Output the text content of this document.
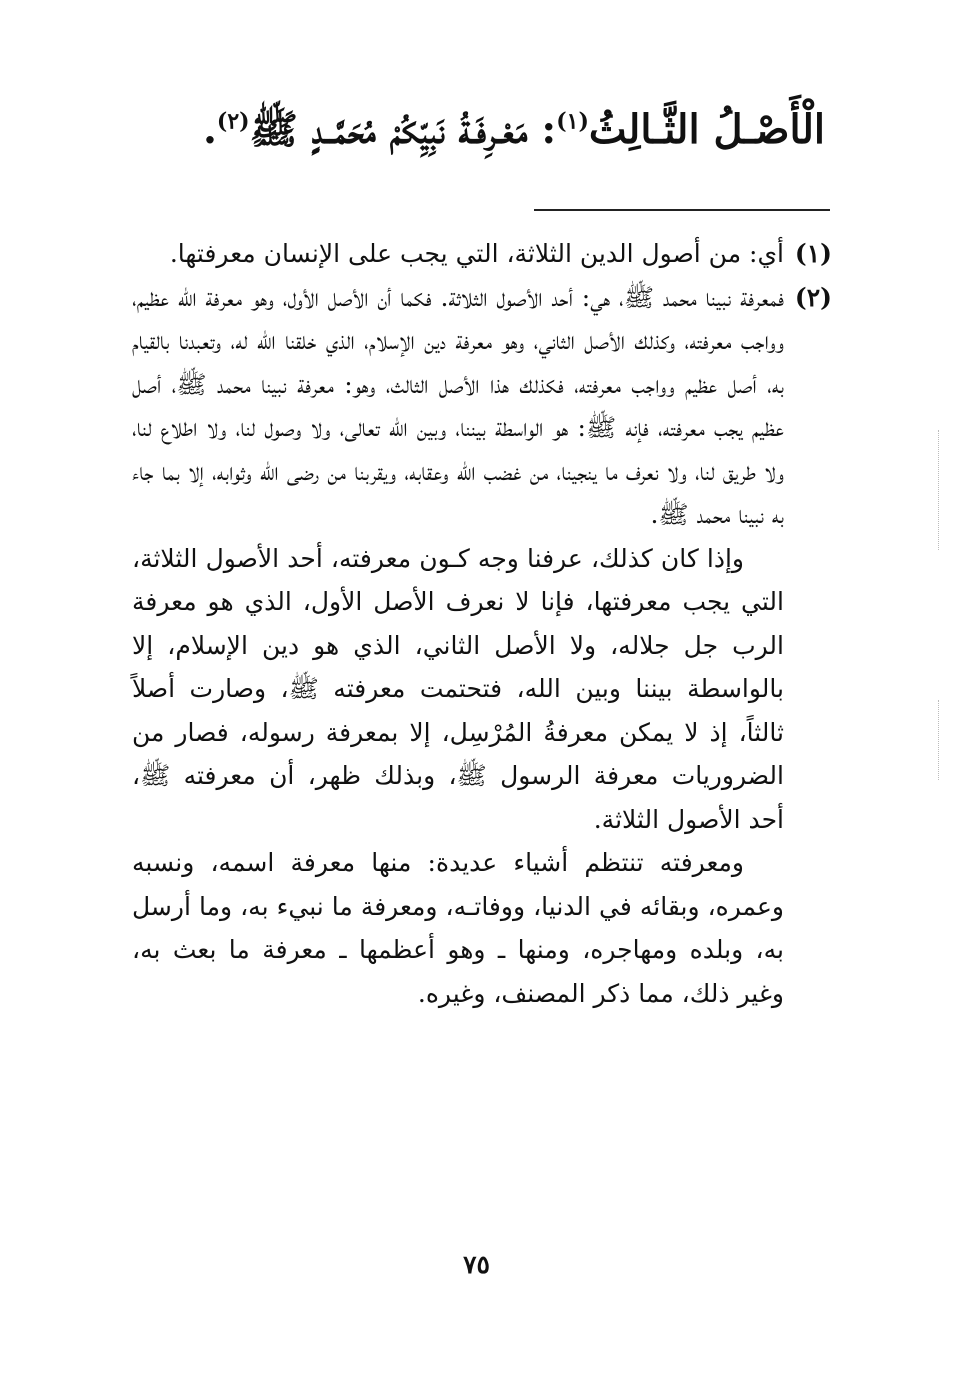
الْأَصْـلُ الثَّـالِثُ$^{(١)}$: مَعْـرِفَـةُ نَبِيِّكُمْ مُحَمَّــدٍ ﷺ$^{(٢)}$.
(١)

أي: من أصول الدين الثلاثة، التي يجب على الإنسان معرفتها.

(٢)

فمعرفة نبينا محمد ﷺ، هي: أحد الأصول الثلاثة. فكما أن الأصل الأول، وهو معرفة الله عظيم، وواجب معرفته، وكذلك الأصل الثاني، وهو معرفة دين الإسلام، الذي خلقنا الله له، وتعبدنا بالقيام به، أصل عظيم وواجب معرفته، فكذلك هذا الأصل الثالث، وهو: معرفة نبينا محمد ﷺ، أصل عظيم يجب معرفته، فإنه ﷺ: هو الواسطة بيننا، وبين الله تعالى، ولا وصول لنا، ولا اطلاع لنا، ولا طريق لنا، ولا نعرف ما ينجينا، من غضب الله وعقابه، ويقربنا من رضى الله وثوابه، إلا بما جاء به نبينا محمد ﷺ.

وإذا كان كذلك، عرفنا وجه كـون معرفته، أحد الأصول الثلاثة، التي يجب معرفتها، فإنا لا نعرف الأصل الأول، الذي هو معرفة الرب جل جلاله، ولا الأصل الثاني، الذي هو دين الإسلام، إلا بالواسطة بيننا وبين الله، فتحتمت معرفته ﷺ، وصارت أصلاً ثالثاً، إذ لا يمكن معرفةُ المُرْسِل، إلا بمعرفة رسوله، فصار من الضروريات معرفة الرسول ﷺ، وبذلك ظهر، أن معرفته ﷺ، أحد الأصول الثلاثة.

ومعرفته تنتظم أشياء عديدة: منها معرفة اسمه، ونسبه وعمره، وبقائه في الدنيا، ووفاتـه، ومعرفة ما نبيء به، وما أرسل به، وبلده ومهاجره، ومنها ـ وهو أعظمها ـ معرفة ما بعث به، وغير ذلك، مما ذكر المصنف، وغيره.

٧٥
